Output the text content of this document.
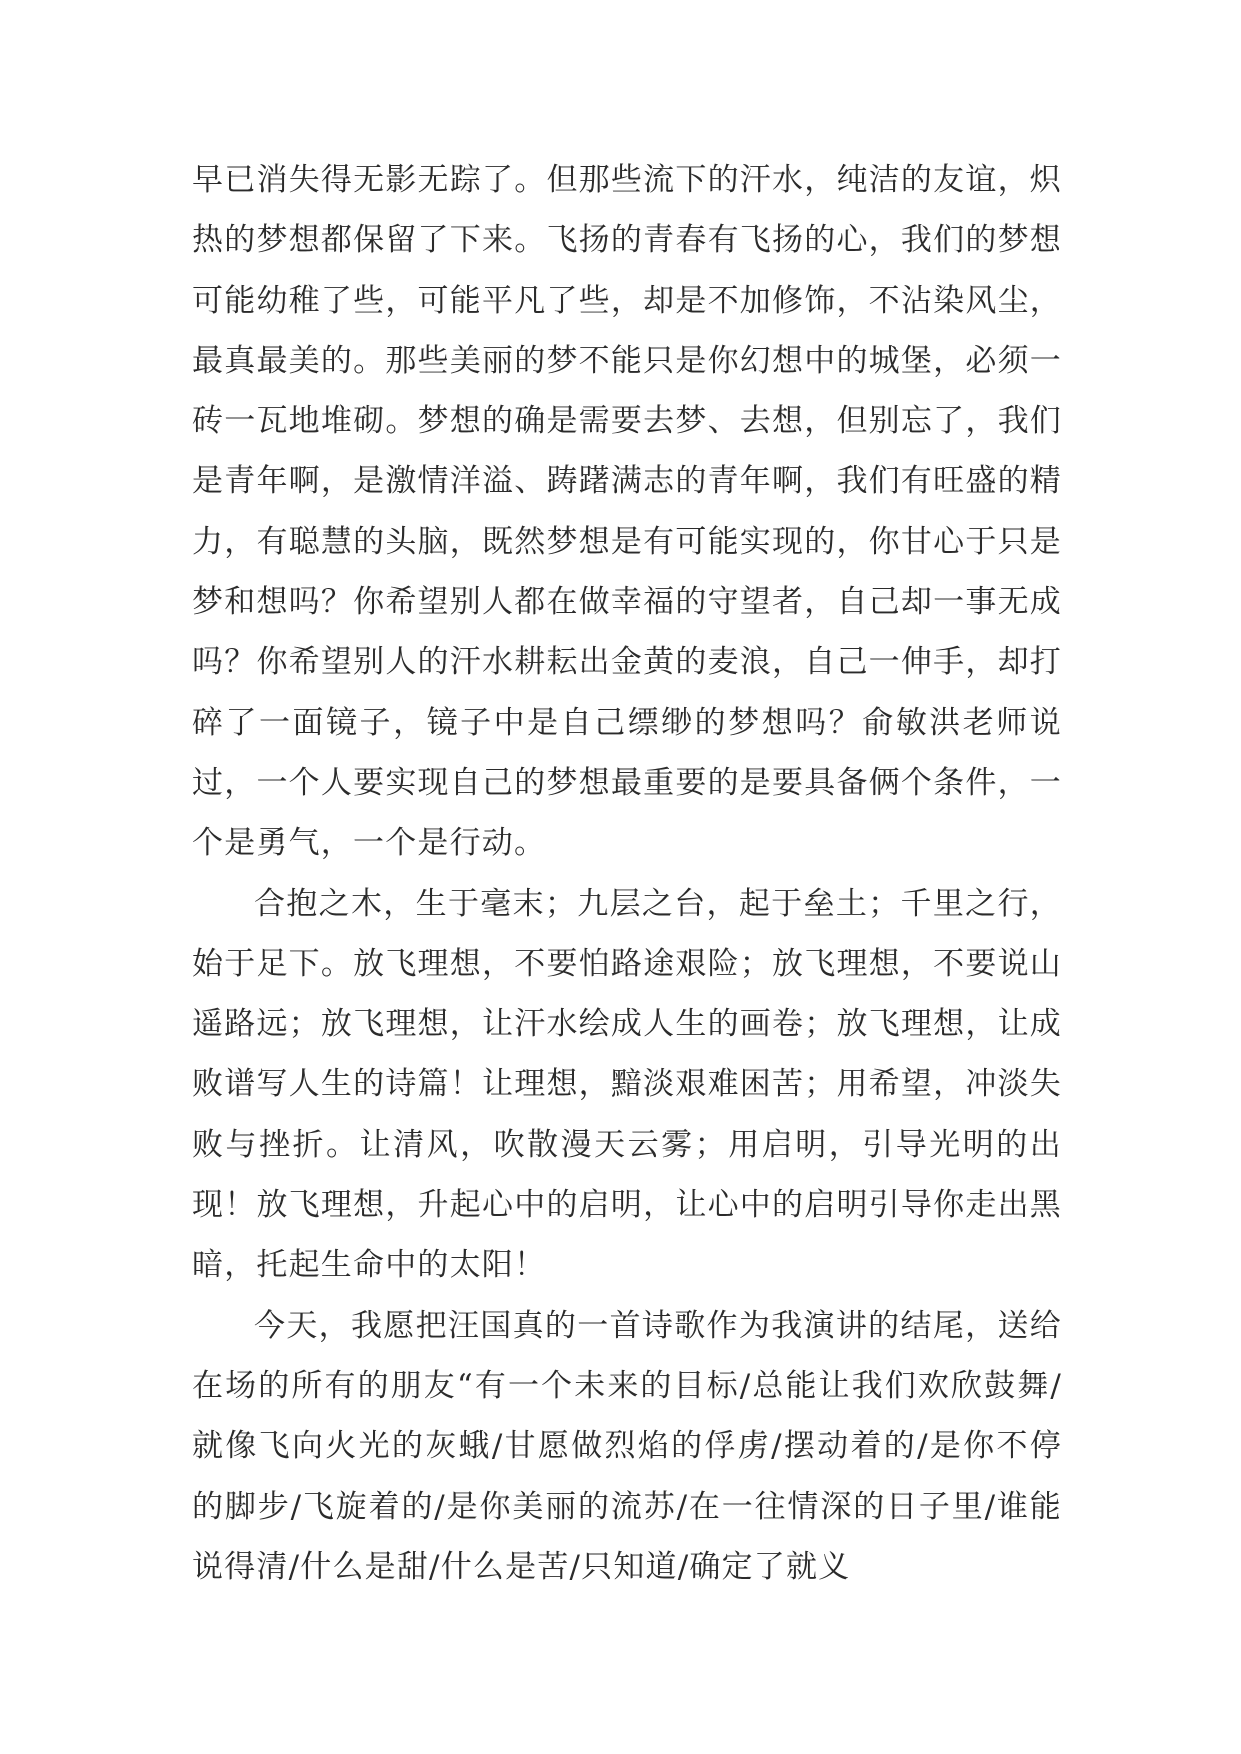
早已消失得无影无踪了。但那些流下的汗水，纯洁的友谊，炽热的梦想都保留了下来。飞扬的青春有飞扬的心，我们的梦想可能幼稚了些，可能平凡了些，却是不加修饰，不沾染风尘，最真最美的。那些美丽的梦不能只是你幻想中的城堡，必须一砖一瓦地堆砌。梦想的确是需要去梦、去想，但别忘了，我们是青年啊，是激情洋溢、踌躇满志的青年啊，我们有旺盛的精力，有聪慧的头脑，既然梦想是有可能实现的，你甘心于只是梦和想吗？你希望别人都在做幸福的守望者，自己却一事无成吗？你希望别人的汗水耕耘出金黄的麦浪，自己一伸手，却打碎了一面镜子，镜子中是自己缥缈的梦想吗？俞敏洪老师说过，一个人要实现自己的梦想最重要的是要具备俩个条件，一个是勇气，一个是行动。

合抱之木，生于毫末；九层之台，起于垒土；千里之行，始于足下。放飞理想，不要怕路途艰险；放飞理想，不要说山遥路远；放飞理想，让汗水绘成人生的画卷；放飞理想，让成败谱写人生的诗篇！让理想，黯淡艰难困苦；用希望，冲淡失败与挫折。让清风，吹散漫天云雾；用启明，引导光明的出现！放飞理想，升起心中的启明，让心中的启明引导你走出黑暗，托起生命中的太阳！

今天，我愿把汪国真的一首诗歌作为我演讲的结尾，送给在场的所有的朋友“有一个未来的目标/总能让我们欢欣鼓舞/就像飞向火光的灰蛾/甘愿做烈焰的俘虏/摆动着的/是你不停的脚步/飞旋着的/是你美丽的流苏/在一往情深的日子里/谁能说得清/什么是甜/什么是苦/只知道/确定了就义
